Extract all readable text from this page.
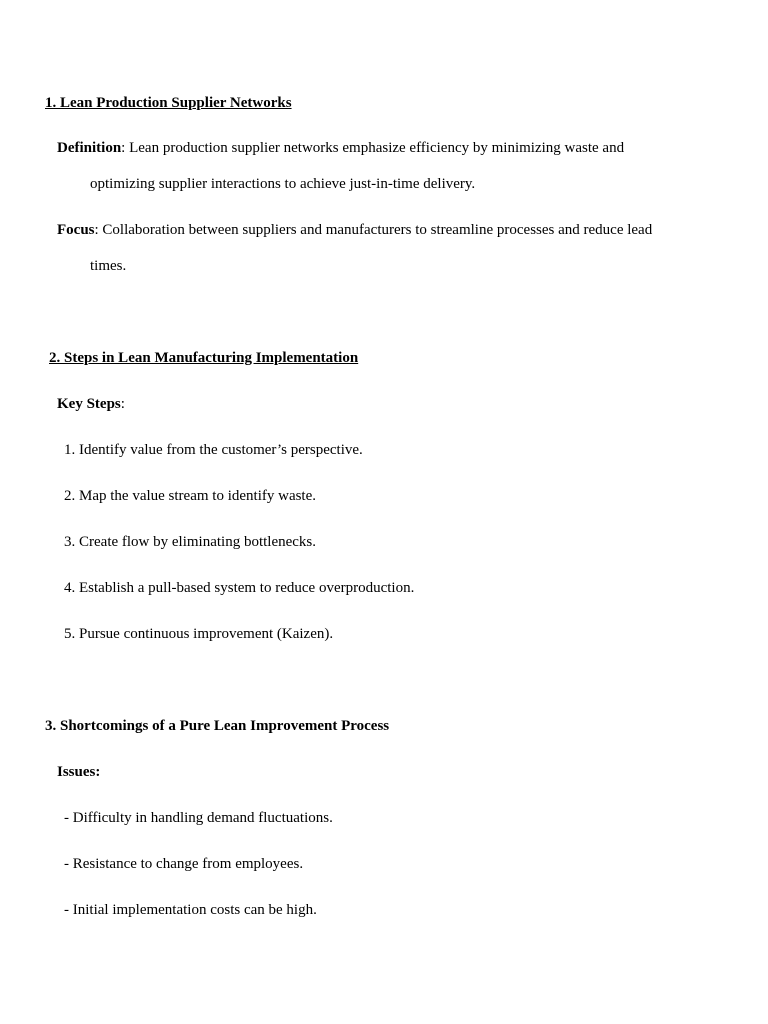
1. Lean Production Supplier Networks
Definition: Lean production supplier networks emphasize efficiency by minimizing waste and
optimizing supplier interactions to achieve just-in-time delivery.
Focus: Collaboration between suppliers and manufacturers to streamline processes and reduce lead
times.
2. Steps in Lean Manufacturing Implementation
Key Steps:
1. Identify value from the customer’s perspective.
2. Map the value stream to identify waste.
3. Create flow by eliminating bottlenecks.
4. Establish a pull-based system to reduce overproduction.
5. Pursue continuous improvement (Kaizen).
3. Shortcomings of a Pure Lean Improvement Process
Issues:
- Difficulty in handling demand fluctuations.
- Resistance to change from employees.
- Initial implementation costs can be high.
